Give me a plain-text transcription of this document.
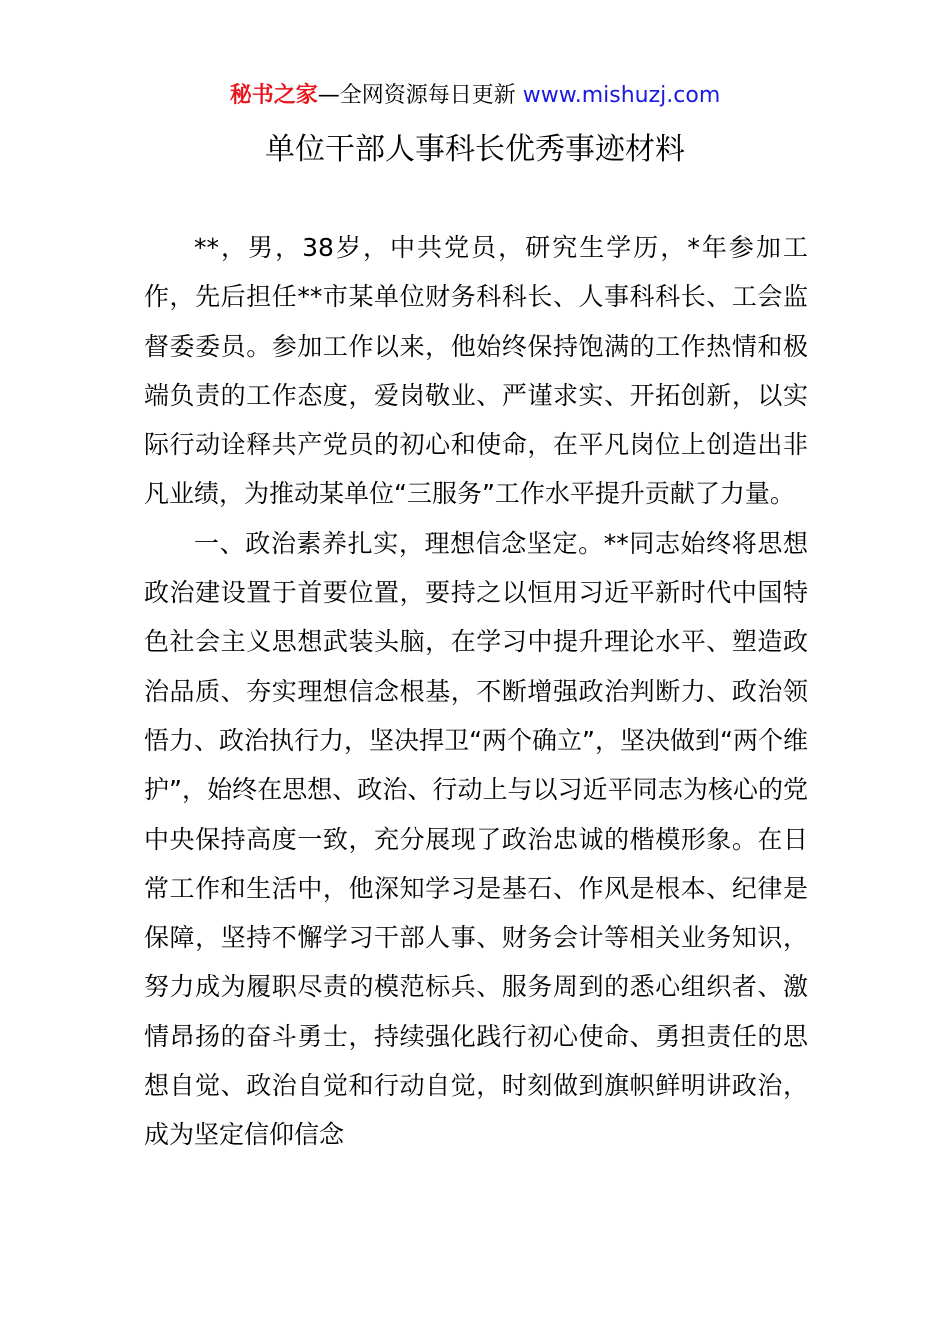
秘书之家—全网资源每日更新 www.mishuzj.com
单位干部人事科长优秀事迹材料

**，男，38岁，中共党员，研究生学历，*年参加工作，先后担任**市某单位财务科科长、人事科科长、工会监督委委员。参加工作以来，他始终保持饱满的工作热情和极端负责的工作态度，爱岗敬业、严谨求实、开拓创新，以实际行动诠释共产党员的初心和使命，在平凡岗位上创造出非凡业绩，为推动某单位“三服务”工作水平提升贡献了力量。

一、政治素养扎实，理想信念坚定。**同志始终将思想政治建设置于首要位置，要持之以恒用习近平新时代中国特色社会主义思想武装头脑，在学习中提升理论水平、塑造政治品质、夯实理想信念根基，不断增强政治判断力、政治领悟力、政治执行力，坚决捍卫“两个确立”，坚决做到“两个维护”，始终在思想、政治、行动上与以习近平同志为核心的党中央保持高度一致，充分展现了政治忠诚的楷模形象。在日常工作和生活中，他深知学习是基石、作风是根本、纪律是保障，坚持不懈学习干部人事、财务会计等相关业务知识，努力成为履职尽责的模范标兵、服务周到的悉心组织者、激情昂扬的奋斗勇士，持续强化践行初心使命、勇担责任的思想自觉、政治自觉和行动自觉，时刻做到旗帜鲜明讲政治，成为坚定信仰信念
